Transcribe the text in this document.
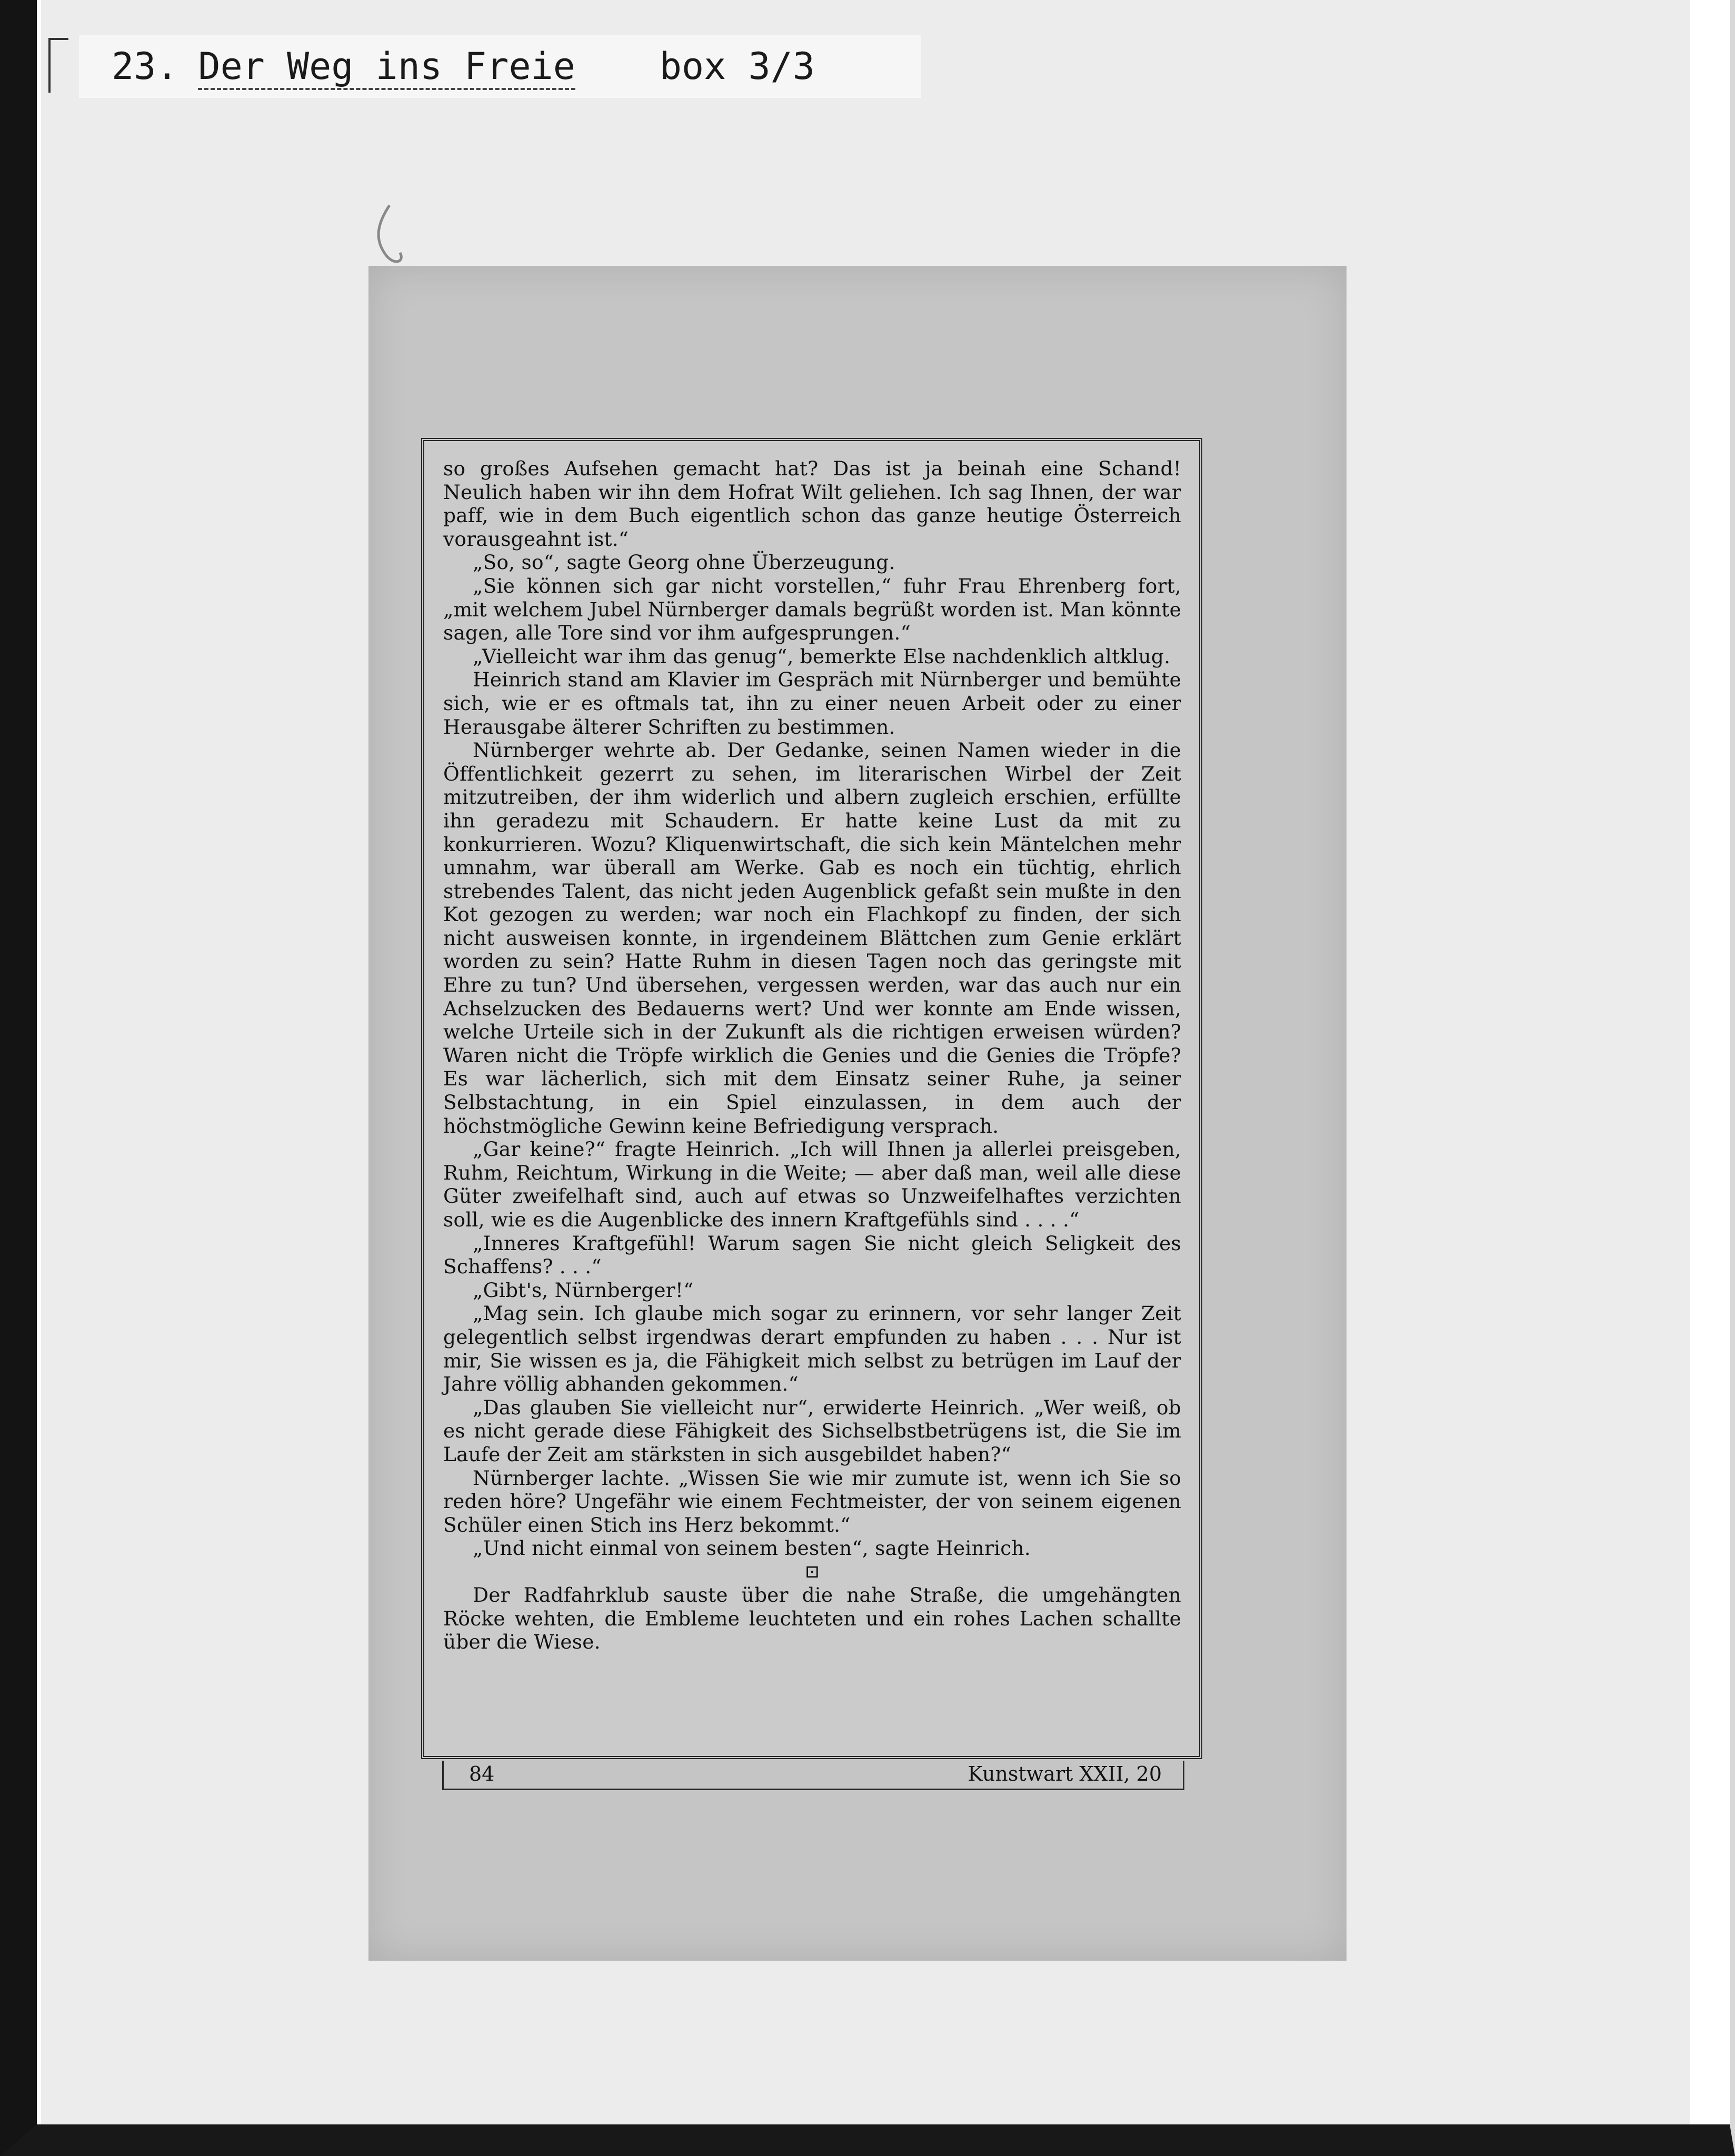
23. Der Weg ins Freie box 3/3

so großes Aufsehen gemacht hat? Das ist ja beinah eine Schand! Neulich haben wir ihn dem Hofrat Wilt geliehen. Ich sag Ihnen, der war paff, wie in dem Buch eigentlich schon das ganze heutige Österreich vorausgeahnt ist.“

„So, so“, sagte Georg ohne Überzeugung.

„Sie können sich gar nicht vorstellen,“ fuhr Frau Ehrenberg fort, „mit welchem Jubel Nürnberger damals begrüßt worden ist. Man könnte sagen, alle Tore sind vor ihm aufgesprungen.“

„Vielleicht war ihm das genug“, bemerkte Else nachdenklich altklug.

Heinrich stand am Klavier im Gespräch mit Nürnberger und bemühte sich, wie er es oftmals tat, ihn zu einer neuen Arbeit oder zu einer Herausgabe älterer Schriften zu bestimmen.

Nürnberger wehrte ab. Der Gedanke, seinen Namen wieder in die Öffentlichkeit gezerrt zu sehen, im literarischen Wirbel der Zeit mitzutreiben, der ihm widerlich und albern zugleich erschien, erfüllte ihn geradezu mit Schaudern. Er hatte keine Lust da mit zu konkurrieren. Wozu? Kliquenwirtschaft, die sich kein Mäntelchen mehr umnahm, war überall am Werke. Gab es noch ein tüchtig, ehrlich strebendes Talent, das nicht jeden Augenblick gefaßt sein mußte in den Kot gezogen zu werden; war noch ein Flachkopf zu finden, der sich nicht ausweisen konnte, in irgendeinem Blättchen zum Genie erklärt worden zu sein? Hatte Ruhm in diesen Tagen noch das geringste mit Ehre zu tun? Und übersehen, vergessen werden, war das auch nur ein Achselzucken des Bedauerns wert? Und wer konnte am Ende wissen, welche Urteile sich in der Zukunft als die richtigen erweisen würden? Waren nicht die Tröpfe wirklich die Genies und die Genies die Tröpfe? Es war lächerlich, sich mit dem Einsatz seiner Ruhe, ja seiner Selbstachtung, in ein Spiel einzulassen, in dem auch der höchstmögliche Gewinn keine Befriedigung versprach.

„Gar keine?“ fragte Heinrich. „Ich will Ihnen ja allerlei preisgeben, Ruhm, Reichtum, Wirkung in die Weite; — aber daß man, weil alle diese Güter zweifelhaft sind, auch auf etwas so Unzweifelhaftes verzichten soll, wie es die Augenblicke des innern Kraftgefühls sind . . . .“

„Inneres Kraftgefühl! Warum sagen Sie nicht gleich Seligkeit des Schaffens? . . .“

„Gibt's, Nürnberger!“

„Mag sein. Ich glaube mich sogar zu erinnern, vor sehr langer Zeit gelegentlich selbst irgendwas derart empfunden zu haben . . . Nur ist mir, Sie wissen es ja, die Fähigkeit mich selbst zu betrügen im Lauf der Jahre völlig abhanden gekommen.“

„Das glauben Sie vielleicht nur“, erwiderte Heinrich. „Wer weiß, ob es nicht gerade diese Fähigkeit des Sichselbstbetrügens ist, die Sie im Laufe der Zeit am stärksten in sich ausgebildet haben?“

Nürnberger lachte. „Wissen Sie wie mir zumute ist, wenn ich Sie so reden höre? Ungefähr wie einem Fechtmeister, der von seinem eigenen Schüler einen Stich ins Herz bekommt.“

„Und nicht einmal von seinem besten“, sagte Heinrich.

⊡

Der Radfahrklub sauste über die nahe Straße, die umgehängten Röcke wehten, die Embleme leuchteten und ein rohes Lachen schallte über die Wiese.

84	Kunstwart XXII, 20
